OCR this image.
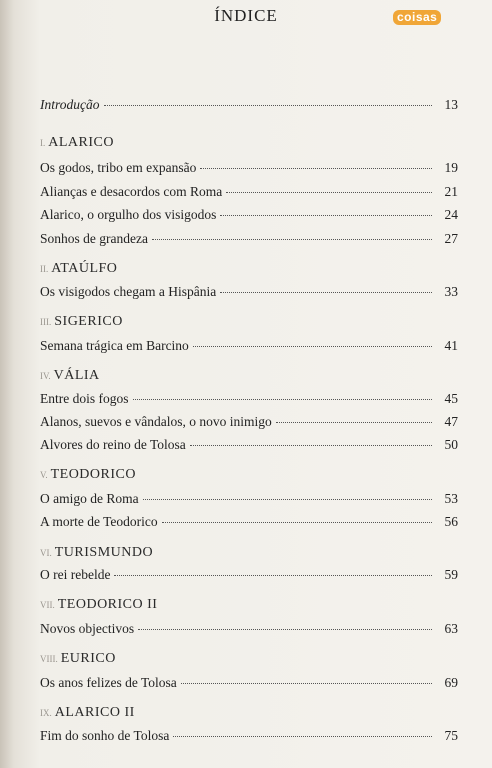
ÍNDICE	coisas
Introdução	13
I. ALARICO
Os godos, tribo em expansão	19
Alianças e desacordos com Roma	21
Alarico, o orgulho dos visigodos	24
Sonhos de grandeza	27
II. ATAÚLFO
Os visigodos chegam a Hispânia	33
III. SIGERICO
Semana trágica em Barcino	41
IV. VÁLIA
Entre dois fogos	45
Alanos, suevos e vândalos, o novo inimigo	47
Alvores do reino de Tolosa	50
V. TEODORICO
O amigo de Roma	53
A morte de Teodorico	56
VI. TURISMUNDO
O rei rebelde	59
VII. TEODORICO II
Novos objectivos	63
VIII. EURICO
Os anos felizes de Tolosa	69
IX. ALARICO II
Fim do sonho de Tolosa	75
